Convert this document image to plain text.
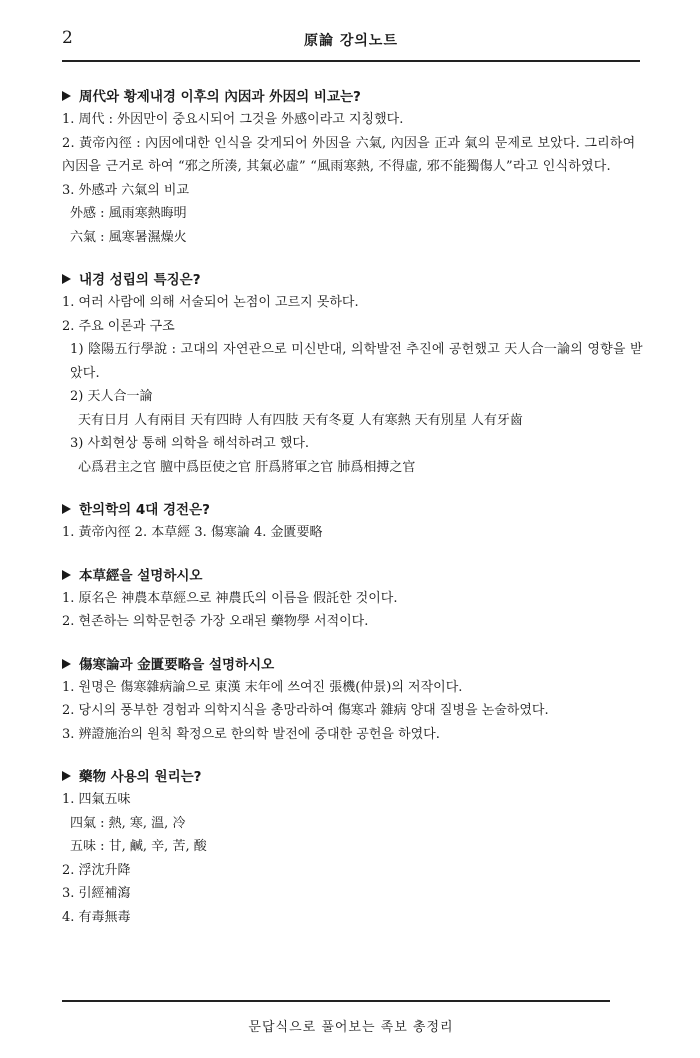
2	原論 강의노트

周代와 황제내경 이후의 內因과 外因의 비교는?

1. 周代 : 外因만이 중요시되어 그것을 外感이라고 지칭했다.

2. 黃帝內徑 : 內因에대한 인식을 갖게되어 外因을 六氣, 內因을 正과 氣의 문제로 보았다. 그리하여 內因을 근거로 하여 “邪之所湊, 其氣必虛” “風雨寒熱, 不得虛, 邪不能獨傷人”라고 인식하였다.

3. 外感과 六氣의 비교

外感 : 風雨寒熱晦明

六氣 : 風寒暑濕燥火

내경 성립의 특징은?

1. 여러 사람에 의해 서술되어 논점이 고르지 못하다.

2. 주요 이론과 구조

1) 陰陽五行學說 : 고대의 자연관으로 미신반대, 의학발전 추진에 공헌했고 天人合一論의 영향을 받았다.

2) 天人合一論

天有日月 人有兩目 天有四時 人有四肢 天有冬夏 人有寒熱 天有別星 人有牙齒

3) 사회현상 통해 의학을 해석하려고 했다.

心爲君主之官 膻中爲臣使之官 肝爲將軍之官 肺爲相搏之官

한의학의 4대 경전은?

1. 黃帝內徑 2. 本草經 3. 傷寒論 4. 金匱要略

本草經을 설명하시오

1. 原名은 神農本草經으로 神農氏의 이름을 假託한 것이다.

2. 현존하는 의학문헌중 가장 오래된 藥物學 서적이다.

傷寒論과 金匱要略을 설명하시오

1. 원명은 傷寒雜病論으로 東漢 末年에 쓰여진 張機(仲景)의 저작이다.

2. 당시의 풍부한 경험과 의학지식을 총망라하여 傷寒과 雜病 양대 질병을 논술하였다.

3. 辨證施治의 원칙 확정으로 한의학 발전에 중대한 공헌을 하였다.

藥物 사용의 원리는?

1. 四氣五味

四氣 : 熱, 寒, 溫, 冷

五味 : 甘, 鹹, 辛, 苦, 酸

2. 浮沈升降

3. 引經補瀉

4. 有毒無毒

문답식으로 풀어보는 족보 총정리
